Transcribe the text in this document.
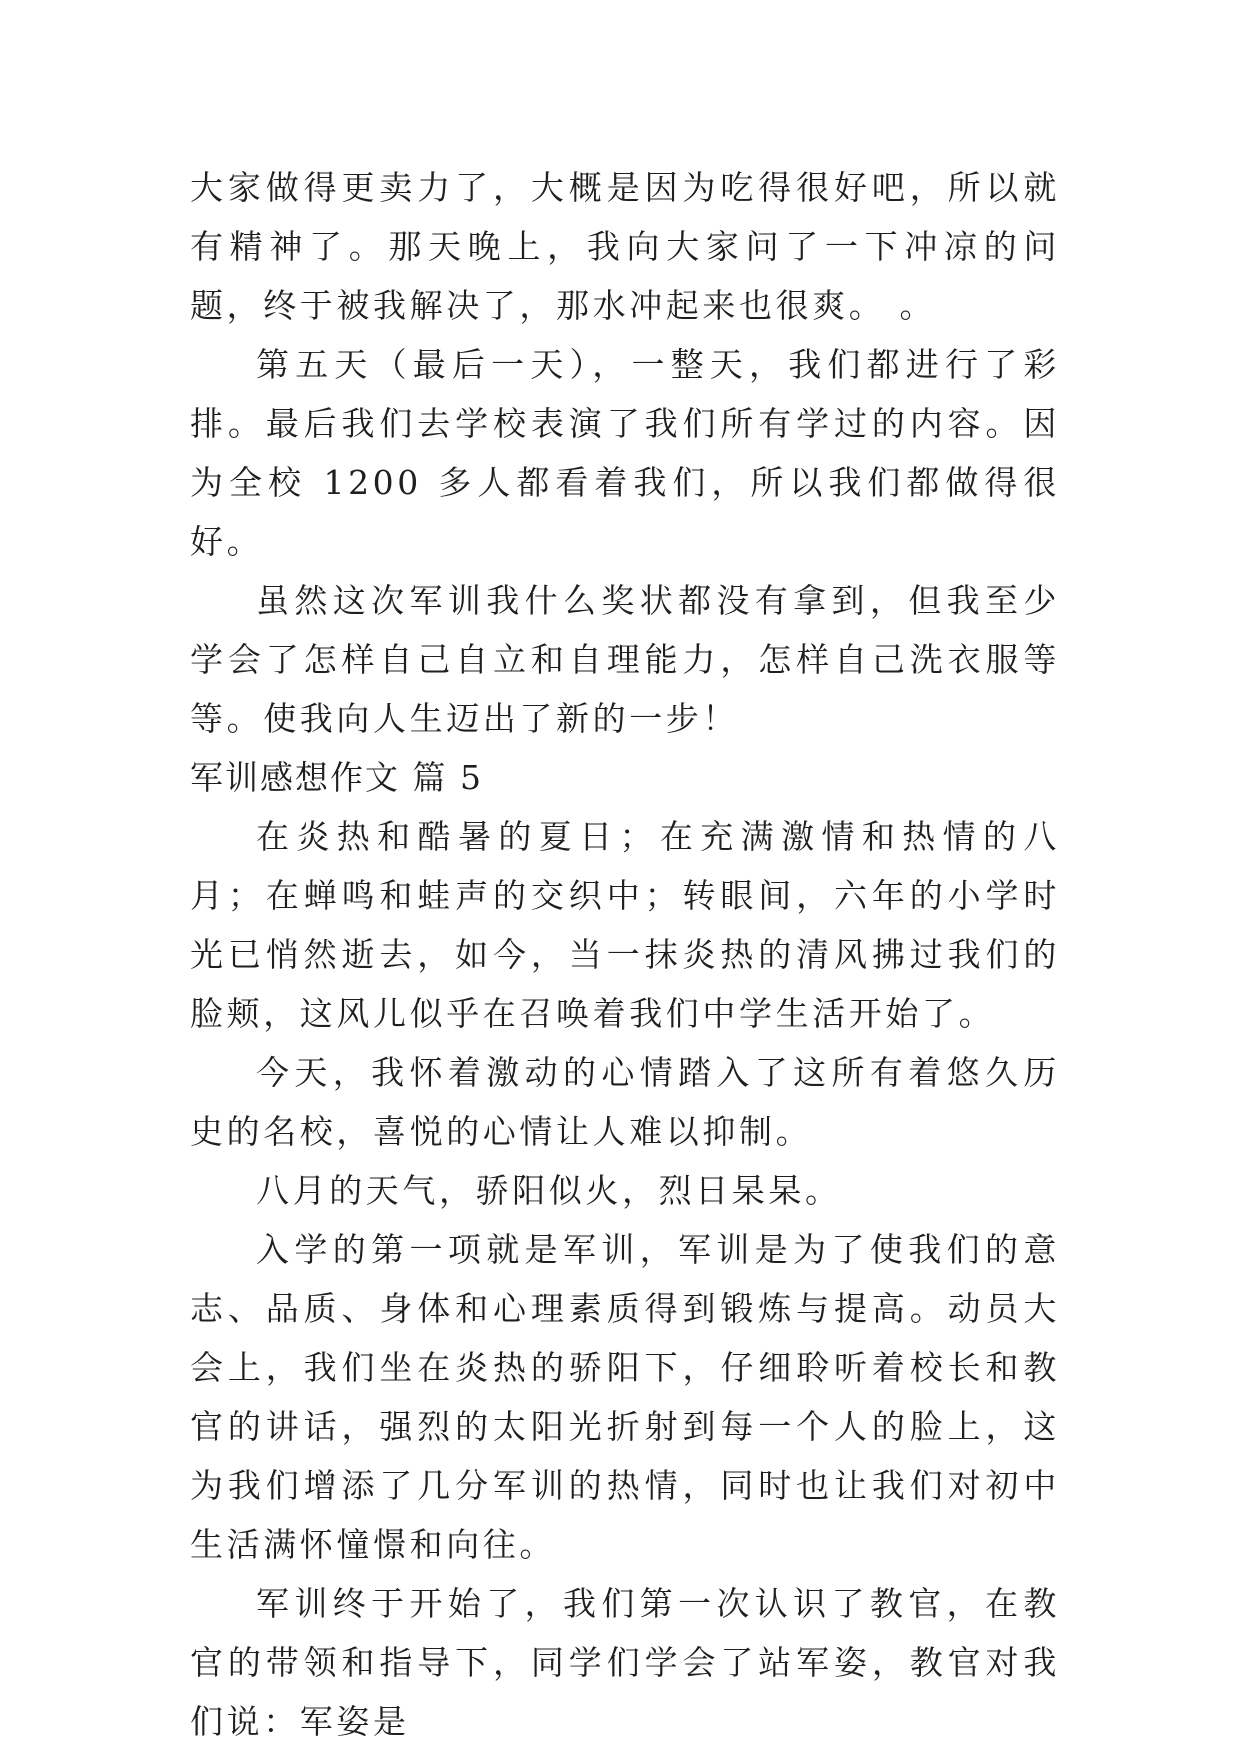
大家做得更卖力了，大概是因为吃得很好吧，所以就有精神了。那天晚上，我向大家问了一下冲凉的问题，终于被我解决了，那水冲起来也很爽。 。

第五天（最后一天），一整天，我们都进行了彩排。最后我们去学校表演了我们所有学过的内容。因为全校 1200 多人都看着我们，所以我们都做得很好。

虽然这次军训我什么奖状都没有拿到，但我至少学会了怎样自己自立和自理能力，怎样自己洗衣服等等。使我向人生迈出了新的一步！

军训感想作文 篇 5

在炎热和酷暑的夏日；在充满激情和热情的八月；在蝉鸣和蛙声的交织中；转眼间，六年的小学时光已悄然逝去，如今，当一抹炎热的清风拂过我们的脸颊，这风儿似乎在召唤着我们中学生活开始了。

今天，我怀着激动的心情踏入了这所有着悠久历史的名校，喜悦的心情让人难以抑制。

八月的天气，骄阳似火，烈日杲杲。

入学的第一项就是军训，军训是为了使我们的意志、品质、身体和心理素质得到锻炼与提高。动员大会上，我们坐在炎热的骄阳下，仔细聆听着校长和教官的讲话，强烈的太阳光折射到每一个人的脸上，这为我们增添了几分军训的热情，同时也让我们对初中生活满怀憧憬和向往。

军训终于开始了，我们第一次认识了教官，在教官的带领和指导下，同学们学会了站军姿，教官对我们说：军姿是
